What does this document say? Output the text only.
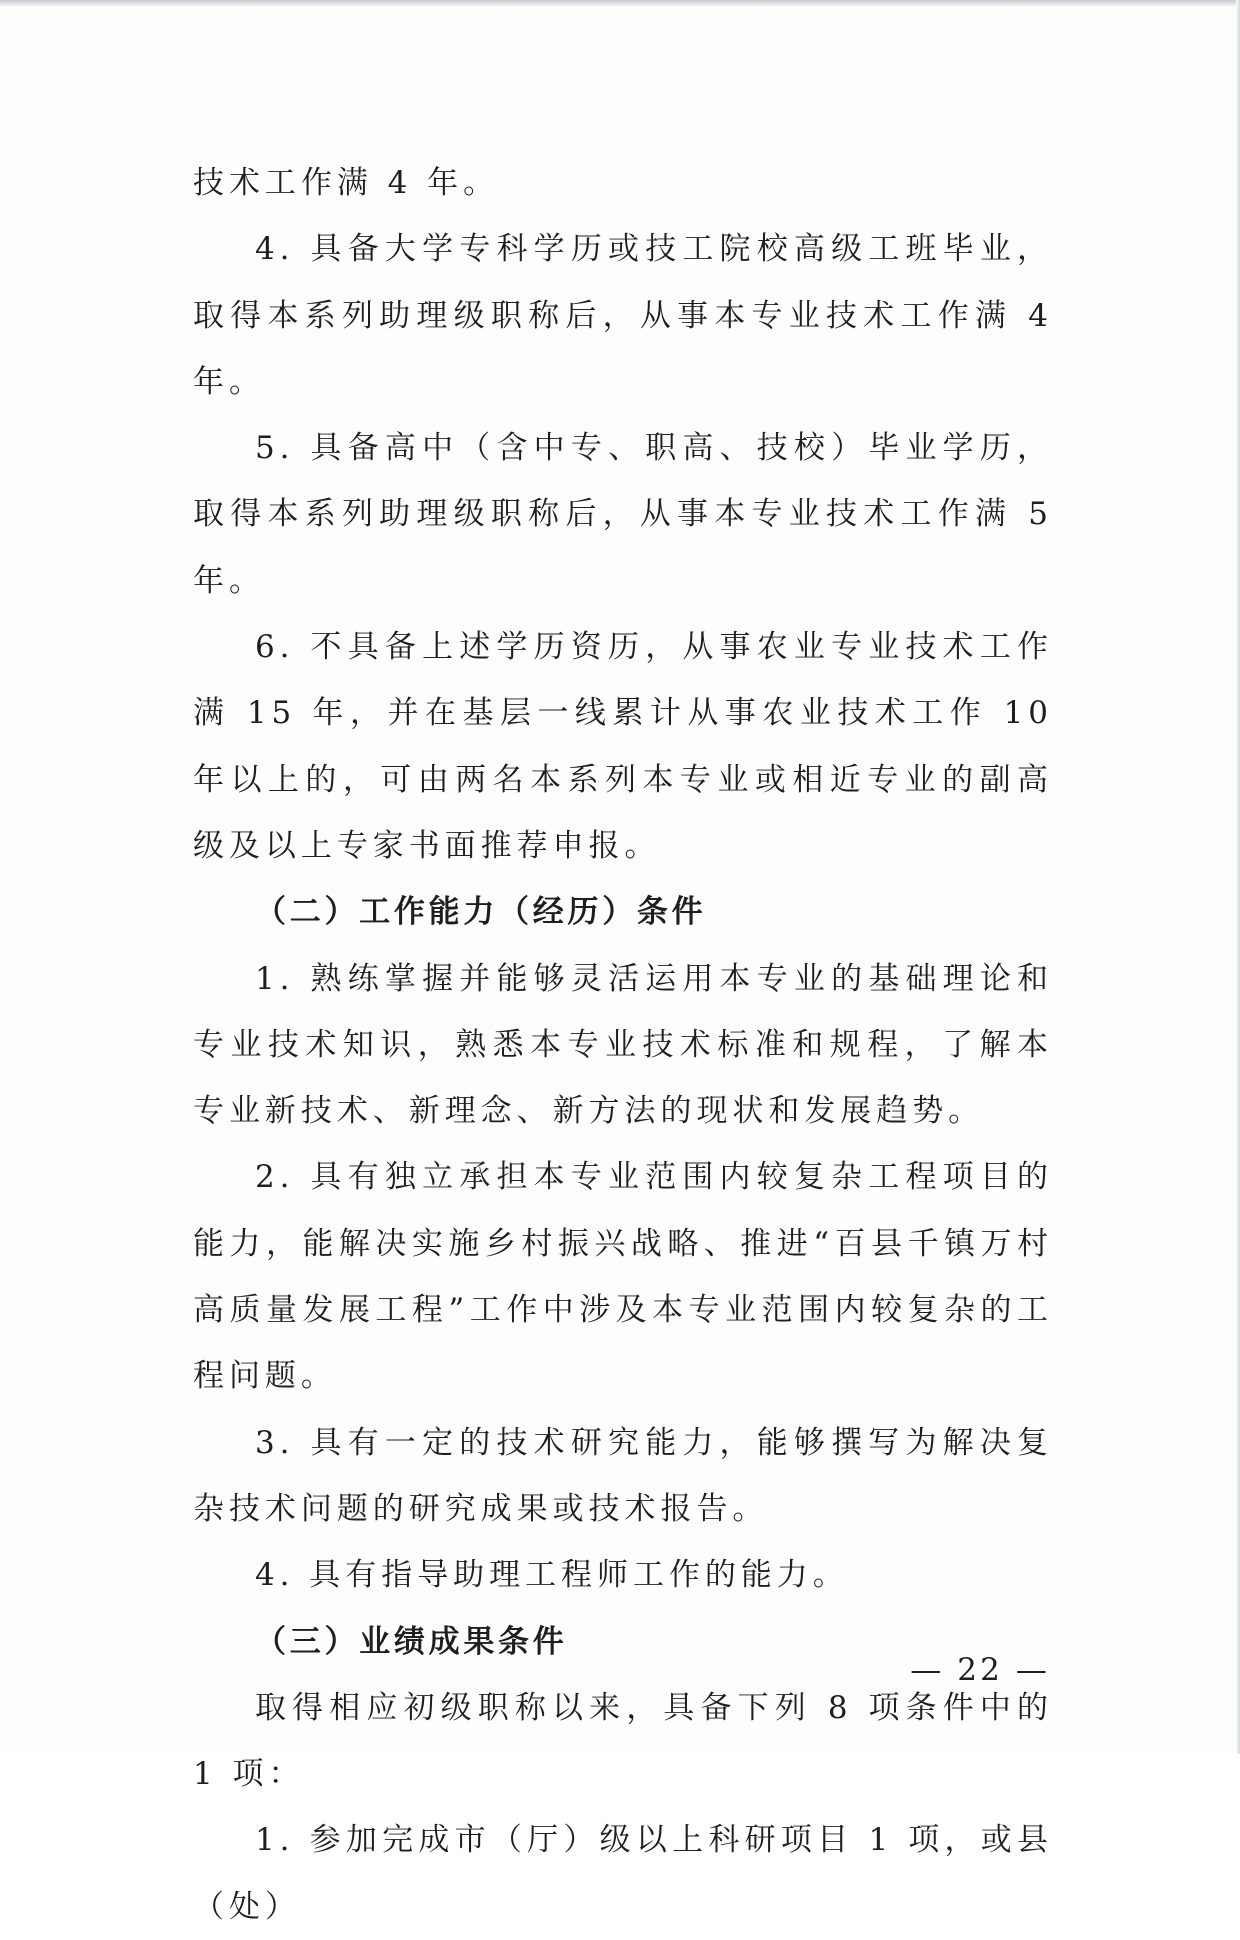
技术工作满 4 年。

4. 具备大学专科学历或技工院校高级工班毕业，取得本系列助理级职称后，从事本专业技术工作满 4 年。

5. 具备高中（含中专、职高、技校）毕业学历，取得本系列助理级职称后，从事本专业技术工作满 5 年。

6. 不具备上述学历资历，从事农业专业技术工作满 15 年，并在基层一线累计从事农业技术工作 10 年以上的，可由两名本系列本专业或相近专业的副高级及以上专家书面推荐申报。

（二）工作能力（经历）条件

1. 熟练掌握并能够灵活运用本专业的基础理论和专业技术知识，熟悉本专业技术标准和规程，了解本专业新技术、新理念、新方法的现状和发展趋势。

2. 具有独立承担本专业范围内较复杂工程项目的能力，能解决实施乡村振兴战略、推进“百县千镇万村高质量发展工程”工作中涉及本专业范围内较复杂的工程问题。

3. 具有一定的技术研究能力，能够撰写为解决复杂技术问题的研究成果或技术报告。

4. 具有指导助理工程师工作的能力。

（三）业绩成果条件

取得相应初级职称以来，具备下列 8 项条件中的 1 项：

1. 参加完成市（厅）级以上科研项目 1 项，或县（处）

— 22 —
